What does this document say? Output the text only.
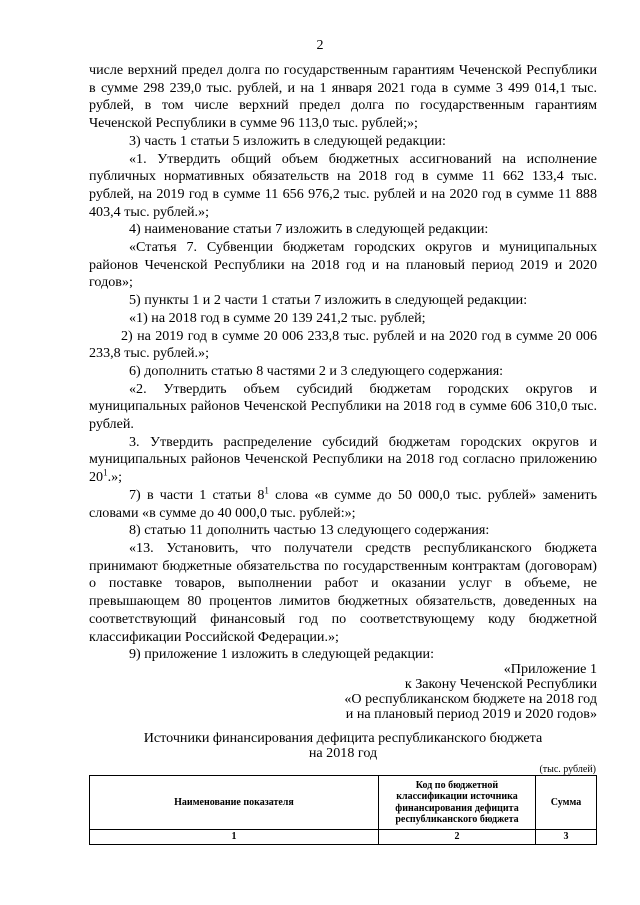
2

числе верхний предел долга по государственным гарантиям Чеченской Республики в сумме 298 239,0 тыс. рублей, и на 1 января 2021 года в сумме 3 499 014,1 тыс. рублей, в том числе верхний предел долга по государственным гарантиям Чеченской Республики в сумме 96 113,0 тыс. рублей;»;

3) часть 1 статьи 5 изложить в следующей редакции:

«1. Утвердить общий объем бюджетных ассигнований на исполнение публичных нормативных обязательств на 2018 год в сумме 11 662 133,4 тыс. рублей, на 2019 год в сумме 11 656 976,2 тыс. рублей и на 2020 год в сумме 11 888 403,4 тыс. рублей.»;

4) наименование статьи 7 изложить в следующей редакции:

«Статья 7. Субвенции бюджетам городских округов и муниципальных районов Чеченской Республики на 2018 год и на плановый период 2019 и 2020 годов»;

5) пункты 1 и 2 части 1 статьи 7 изложить в следующей редакции:

«1) на 2018 год в сумме 20 139 241,2 тыс. рублей;

2) на 2019 год в сумме 20 006 233,8 тыс. рублей и на 2020 год в сумме 20 006 233,8 тыс. рублей.»;

6) дополнить статью 8 частями 2 и 3 следующего содержания:

«2. Утвердить объем субсидий бюджетам городских округов и муниципальных районов Чеченской Республики на 2018 год в сумме 606 310,0 тыс. рублей.

3. Утвердить распределение субсидий бюджетам городских округов и муниципальных районов Чеченской Республики на 2018 год согласно приложению $20^1$.»;

7) в части 1 статьи $8^1$ слова «в сумме до 50 000,0 тыс. рублей» заменить словами «в сумме до 40 000,0 тыс. рублей:»;

8) статью 11 дополнить частью 13 следующего содержания:

«13. Установить, что получатели средств республиканского бюджета принимают бюджетные обязательства по государственным контрактам (договорам) о поставке товаров, выполнении работ и оказании услуг в объеме, не превышающем 80 процентов лимитов бюджетных обязательств, доведенных на соответствующий финансовый год по соответствующему коду бюджетной классификации Российской Федерации.»;

9) приложение 1 изложить в следующей редакции:

«Приложение 1
к Закону Чеченской Республики
«О республиканском бюджете на 2018 год
и на плановый период 2019 и 2020 годов»
Источники финансирования дефицита республиканского бюджета
на 2018 год
(тыс. рублей)
Наименование показателя	Код по бюджетной классификации источника финансирования дефицита республиканского бюджета	Сумма
1	2	3
